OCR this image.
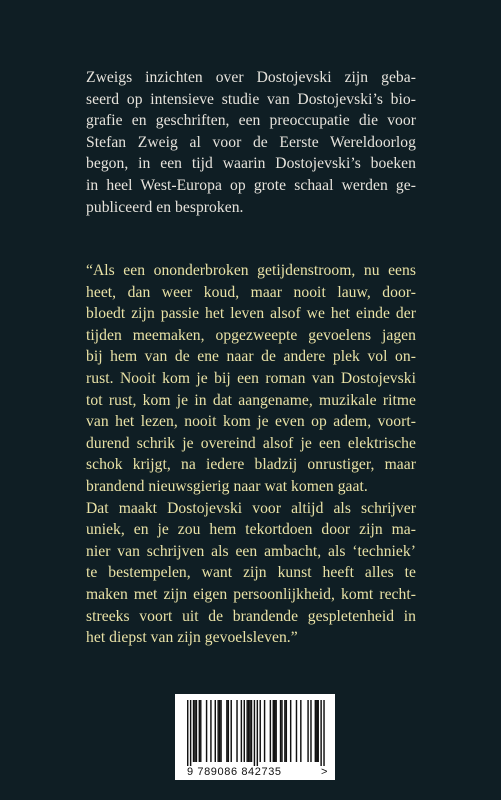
Zweigs inzichten over Dostojevski zijn geba-
seerd op intensieve studie van Dostojevski’s bio-
grafie en geschriften, een preoccupatie die voor
Stefan Zweig al voor de Eerste Wereldoorlog
begon, in een tijd waarin Dostojevski’s boeken
in heel West-Europa op grote schaal werden ge-
publiceerd en besproken.
“Als een ononderbroken getijdenstroom, nu eens
heet, dan weer koud, maar nooit lauw, door-
bloedt zijn passie het leven alsof we het einde der
tijden meemaken, opgezweepte gevoelens jagen
bij hem van de ene naar de andere plek vol on-
rust. Nooit kom je bij een roman van Dostojevski
tot rust, kom je in dat aangename, muzikale ritme
van het lezen, nooit kom je even op adem, voort-
durend schrik je overeind alsof je een elektrische
schok krijgt, na iedere bladzij onrustiger, maar
brandend nieuwsgierig naar wat komen gaat.
Dat maakt Dostojevski voor altijd als schrijver
uniek, en je zou hem tekortdoen door zijn ma-
nier van schrijven als een ambacht, als ‘techniek’
te bestempelen, want zijn kunst heeft alles te
maken met zijn eigen persoonlijkheid, komt recht-
streeks voort uit de brandende gespletenheid in
het diepst van zijn gevoelsleven.”
9 789086 842735	>
